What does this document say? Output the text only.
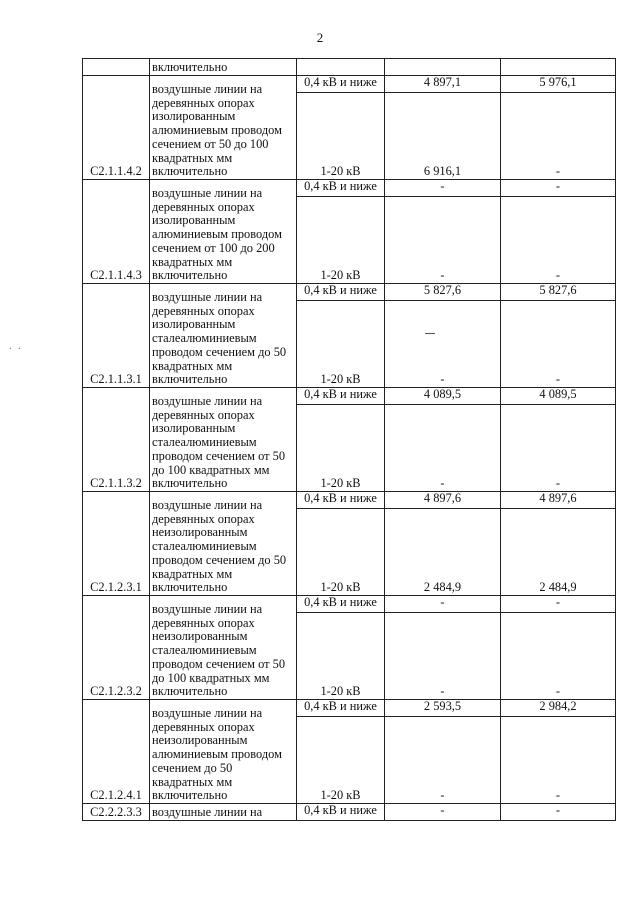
2
. .
	включительно			
С2.1.1.4.2	воздушные линии на деревянных опорах изолированным алюминиевым проводом сечением от 50 до 100 квадратных мм включительно	0,4 кВ и ниже	4 897,1	5 976,1
		1-20 кВ	6 916,1	-
С2.1.1.4.3	воздушные линии на деревянных опорах изолированным алюминиевым проводом сечением от 100 до 200 квадратных мм включительно	0,4 кВ и ниже	-	-
		1-20 кВ	-	-
С2.1.1.3.1	воздушные линии на деревянных опорах изолированным сталеалюминиевым проводом сечением до 50 квадратных мм включительно	0,4 кВ и ниже	5 827,6	5 827,6
		1-20 кВ	-	-
С2.1.1.3.2	воздушные линии на деревянных опорах изолированным сталеалюминиевым проводом сечением от 50 до 100 квадратных мм включительно	0,4 кВ и ниже	4 089,5	4 089,5
		1-20 кВ	-	-
С2.1.2.3.1	воздушные линии на деревянных опорах неизолированным сталеалюминиевым проводом сечением до 50 квадратных мм включительно	0,4 кВ и ниже	4 897,6	4 897,6
		1-20 кВ	2 484,9	2 484,9
С2.1.2.3.2	воздушные линии на деревянных опорах неизолированным сталеалюминиевым проводом сечением от 50 до 100 квадратных мм включительно	0,4 кВ и ниже	-	-
		1-20 кВ	-	-
С2.1.2.4.1	воздушные линии на деревянных опорах неизолированным алюминиевым проводом сечением до 50 квадратных мм включительно	0,4 кВ и ниже	2 593,5	2 984,2
		1-20 кВ	-	-
С2.2.2.3.3	воздушные линии на	0,4 кВ и ниже	-	-
